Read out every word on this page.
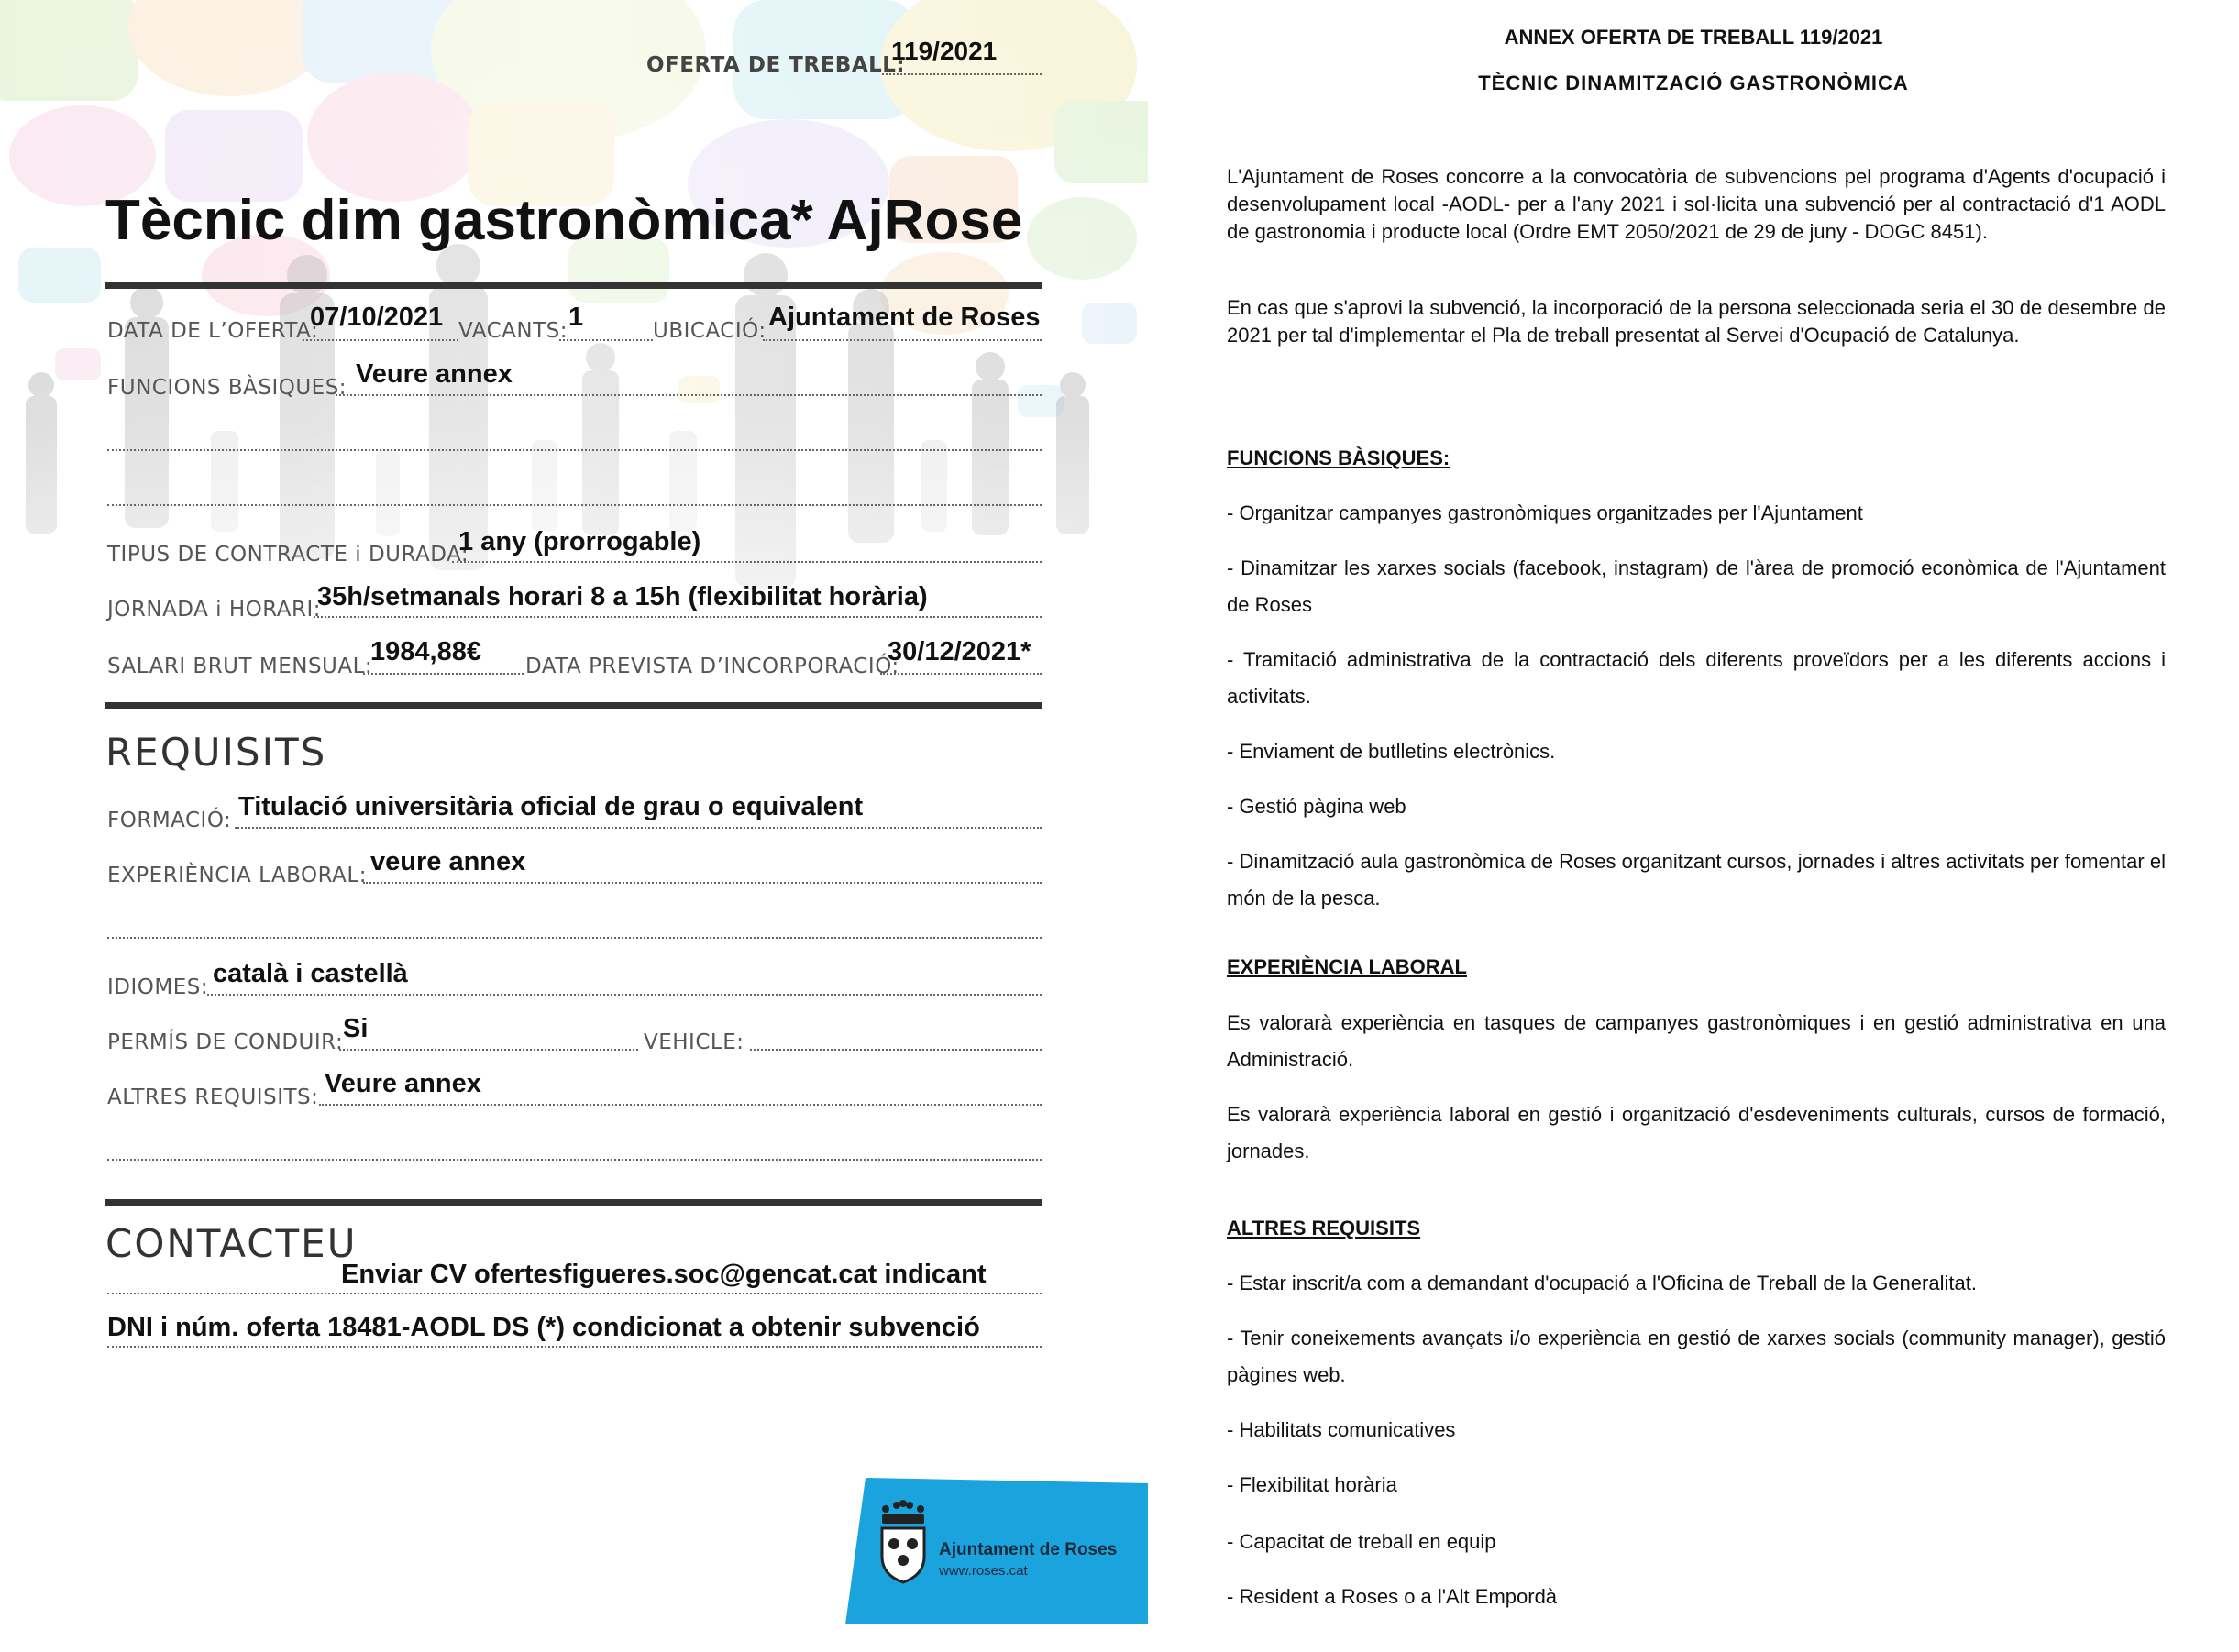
OFERTA DE TREBALL:
119/2021
Tècnic dim gastronòmica* AjRose
DATA DE L’OFERTA:
07/10/2021 VACANTS: 1	UBICACIÓ: Ajuntament de Roses
FUNCIONS BÀSIQUES: Veure annex
TIPUS DE CONTRACTE i DURADA:
1 any (prorrogable)
JORNADA i HORARI:
35h/setmanals horari 8 a 15h (flexibilitat horària)
SALARI BRUT MENSUAL:
1984,88€ DATA PREVISTA D’INCORPORACIÓ:
30/12/2021*
REQUISITS
FORMACIÓ: Titulació universitària oficial de grau o equivalent
EXPERIÈNCIA LABORAL: veure annex
IDIOMES: català i castellà
PERMÍS DE CONDUIR: Si	VEHICLE:
ALTRES REQUISITS: Veure annex
CONTACTEU
Enviar CV ofertesfigueres.soc@gencat.cat indicant
DNI i núm. oferta 18481-AODL DS (*) condicionat a obtenir subvenció
Ajuntament de Roses
www.roses.cat
ANNEX OFERTA DE TREBALL 119/2021
TÈCNIC DINAMITZACIÓ GASTRONÒMICA
L'Ajuntament de Roses concorre a la convocatòria de subvencions pel programa d'Agents d'ocupació i desenvolupament local -AODL- per a l'any 2021 i sol·licita una subvenció per al contractació d'1 AODL de gastronomia i producte local (Ordre EMT 2050/2021 de 29 de juny - DOGC 8451).
En cas que s'aprovi la subvenció, la incorporació de la persona seleccionada seria el 30 de desembre de 2021 per tal d'implementar el Pla de treball presentat al Servei d'Ocupació de Catalunya.
FUNCIONS BÀSIQUES:
- Organitzar campanyes gastronòmiques organitzades per l'Ajuntament
- Dinamitzar les xarxes socials (facebook, instagram) de l'àrea de promoció econòmica de l'Ajuntament de Roses
- Tramitació administrativa de la contractació dels diferents proveïdors per a les diferents accions i activitats.
- Enviament de butlletins electrònics.
- Gestió pàgina web
- Dinamització aula gastronòmica de Roses organitzant cursos, jornades i altres activitats per fomentar el món de la pesca.
EXPERIÈNCIA LABORAL
Es valorarà experiència en tasques de campanyes gastronòmiques i en gestió administrativa en una Administració.
Es valorarà experiència laboral en gestió i organització d'esdeveniments culturals, cursos de formació, jornades.
ALTRES REQUISITS
- Estar inscrit/a com a demandant d'ocupació a l'Oficina de Treball de la Generalitat.
- Tenir coneixements avançats i/o experiència en gestió de xarxes socials (community manager), gestió pàgines web.
- Habilitats comunicatives
- Flexibilitat horària
- Capacitat de treball en equip
- Resident a Roses o a l'Alt Empordà
